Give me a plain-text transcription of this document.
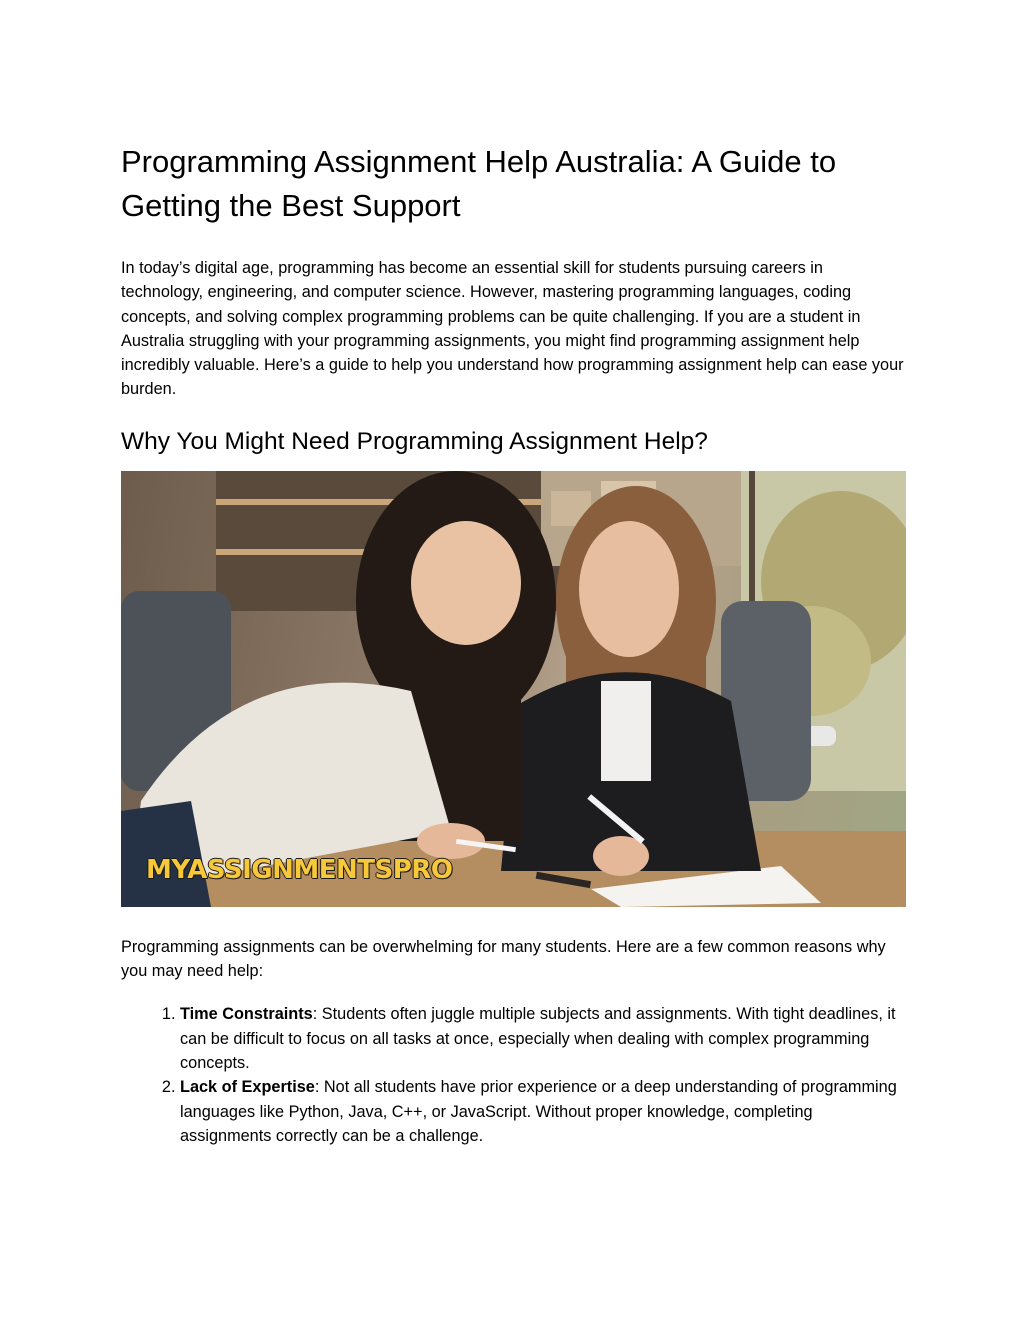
Programming Assignment Help Australia: A Guide to Getting the Best Support

In today’s digital age, programming has become an essential skill for students pursuing careers in technology, engineering, and computer science. However, mastering programming languages, coding concepts, and solving complex programming problems can be quite challenging. If you are a student in Australia struggling with your programming assignments, you might find programming assignment help incredibly valuable. Here’s a guide to help you understand how programming assignment help can ease your burden.

Why You Might Need Programming Assignment Help?
MYASSIGNMENTSPRO

Programming assignments can be overwhelming for many students. Here are a few common reasons why you may need help:

1. Time Constraints: Students often juggle multiple subjects and assignments. With tight deadlines, it can be difficult to focus on all tasks at once, especially when dealing with complex programming concepts.
2. Lack of Expertise: Not all students have prior experience or a deep understanding of programming languages like Python, Java, C++, or JavaScript. Without proper knowledge, completing assignments correctly can be a challenge.
